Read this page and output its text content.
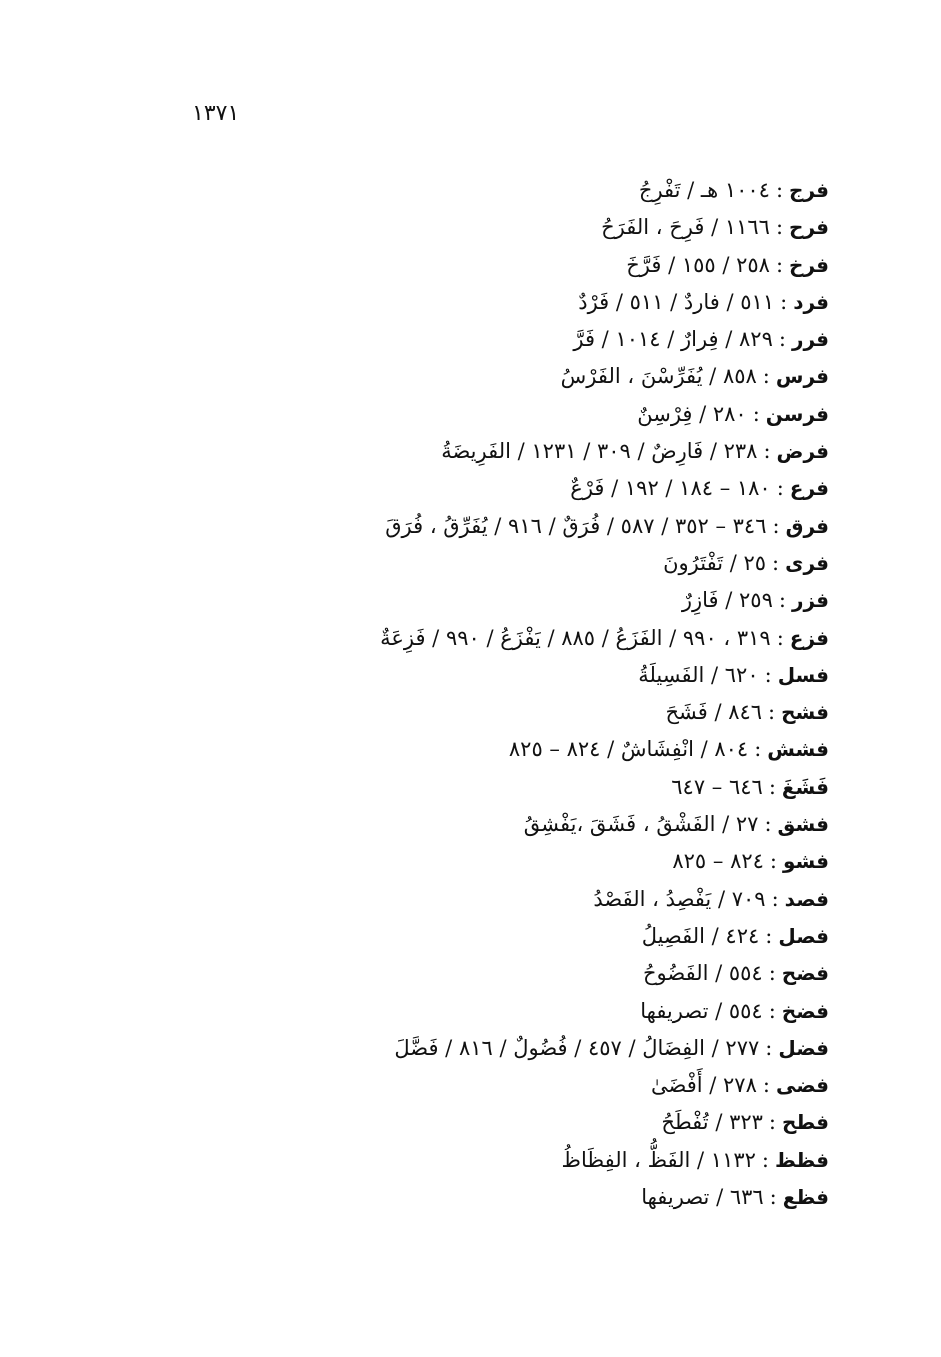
١٣٧١
فرج:١٠٠٤ هـ / تَفْرِجُ
فرح:١١٦٦ / فَرِحَ ، الفَرَحُ
فرخ:٢٥٨ / ١٥٥ / فَرَّخَ
فرد:٥١١ / فاردٌ / ٥١١ / فَرْدٌ
فرر:٨٢٩ / فِرارٌ / ١٠١٤ / فَرَّ
فرس:٨٥٨ / يُفَرِّسْنَ ، الفَرْسُ
فرسن:٢٨٠ / فِرْسِنٌ
فرض:٢٣٨ / فَارِضٌ / ٣٠٩ / ١٢٣١ / الفَرِيضَةُ
فرع:١٨٠ – ١٨٤ / ١٩٢ / فَرْعٌ
فرق:٣٤٦ – ٣٥٢ / ٥٨٧ / فُرَقٌ / ٩١٦ / يُفَرِّقُ ، فُرَقَ
فرى:٢٥ / تَفْتَرُونَ
فزر:٢٥٩ / فَازِرٌ
فزع:٣١٩ ، ٩٩٠ / الفَزَعُ / ٨٨٥ / يَفْزَعُ / ٩٩٠ / فَزِعَةٌ
فسل:٦٢٠ / الفَسِيلَةُ
فشح:٨٤٦ / فَشَحَ
فشش:٨٠٤ / انْفِشَاشٌ / ٨٢٤ – ٨٢٥
فَشَغَ:٦٤٦ – ٦٤٧
فشق:٢٧ / الفَشْقُ ، فَشَقَ ،يَفْشِقُ
فشو:٨٢٤ – ٨٢٥
فصد:٧٠٩ / يَفْصِدُ ، الفَصْدُ
فصل:٤٢٤ / الفَصِيلُ
فضح:٥٥٤ / الفَضُوحُ
فضخ:٥٥٤ / تصريفها
فضل:٢٧٧ / الفِضَالُ / ٤٥٧ / فُضُولٌ / ٨١٦ / فَضَّلَ
فضى:٢٧٨ / أَفْضَىٰ
فطح:٣٢٣ / تُفْطَحُ
فظظ:١١٣٢ / الفَظُّ ، الفِظَاظُ
فظع:٦٣٦ / تصريفها
